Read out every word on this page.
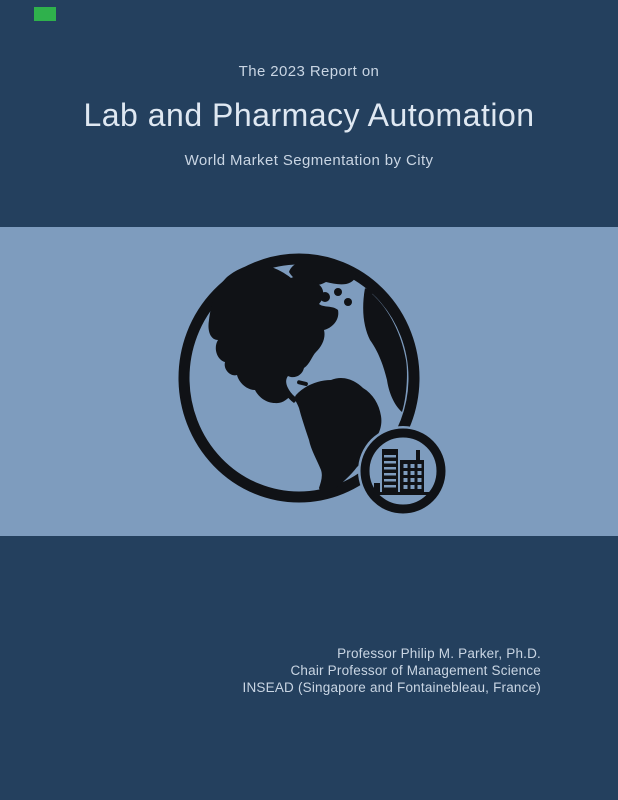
The 2023 Report on
Lab and Pharmacy Automation
World Market Segmentation by City
Professor Philip M. Parker, Ph.D.
Chair Professor of Management Science
INSEAD (Singapore and Fontainebleau, France)
